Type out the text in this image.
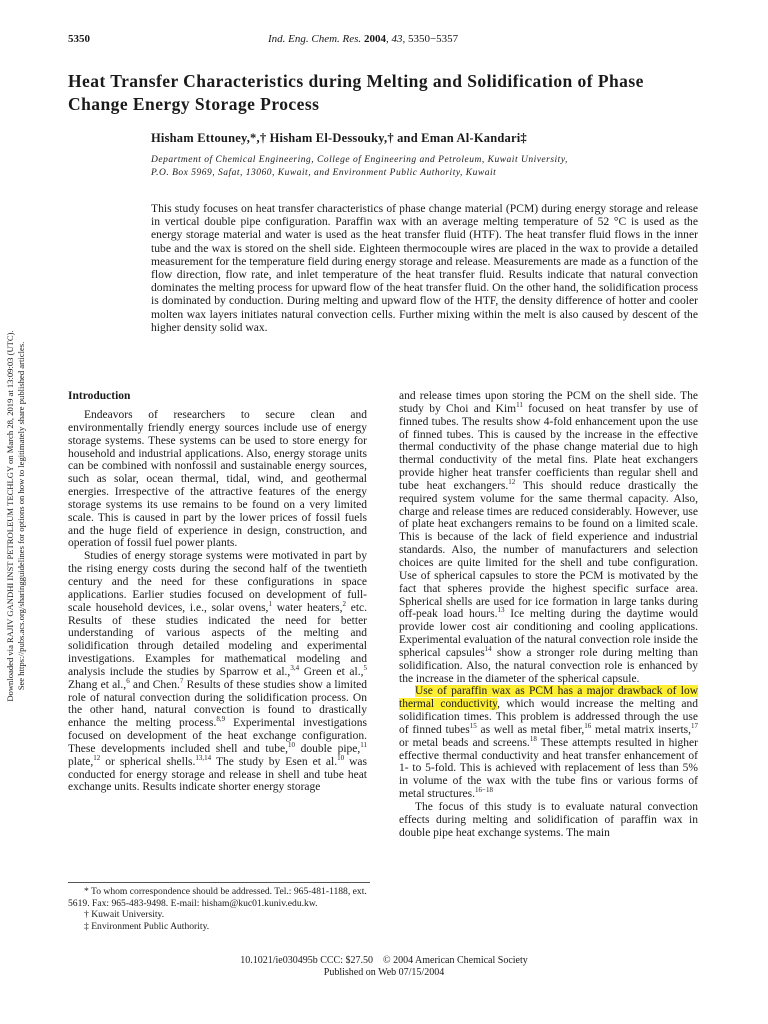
5350	Ind. Eng. Chem. Res. 2004, 43, 5350−5357
Heat Transfer Characteristics during Melting and Solidification of Phase Change Energy Storage Process
Hisham Ettouney,*,† Hisham El-Dessouky,† and Eman Al-Kandari‡
Department of Chemical Engineering, College of Engineering and Petroleum, Kuwait University,
P.O. Box 5969, Safat, 13060, Kuwait, and Environment Public Authority, Kuwait

This study focuses on heat transfer characteristics of phase change material (PCM) during energy storage and release in vertical double pipe configuration. Paraffin wax with an average melting temperature of 52 °C is used as the energy storage material and water is used as the heat transfer fluid (HTF). The heat transfer fluid flows in the inner tube and the wax is stored on the shell side. Eighteen thermocouple wires are placed in the wax to provide a detailed measurement for the temperature field during energy storage and release. Measurements are made as a function of the flow direction, flow rate, and inlet temperature of the heat transfer fluid. Results indicate that natural convection dominates the melting process for upward flow of the heat transfer fluid. On the other hand, the solidification process is dominated by conduction. During melting and upward flow of the HTF, the density difference of hotter and cooler molten wax layers initiates natural convection cells. Further mixing within the melt is also caused by descent of the higher density solid wax.

Downloaded via RAJIV GANDHI INST PETROLEUM TECHLGY on March 28, 2019 at 13:09:03 (UTC). See https://pubs.acs.org/sharingguidelines for options on how to legitimately share published articles.	Introduction

Endeavors of researchers to secure clean and environmentally friendly energy sources include use of energy storage systems. These systems can be used to store energy for household and industrial applications. Also, energy storage units can be combined with nonfossil and sustainable energy sources, such as solar, ocean thermal, tidal, wind, and geothermal energies. Irrespective of the attractive features of the energy storage systems its use remains to be found on a very limited scale. This is caused in part by the lower prices of fossil fuels and the huge field of experience in design, construction, and operation of fossil fuel power plants.

Studies of energy storage systems were motivated in part by the rising energy costs during the second half of the twentieth century and the need for these configurations in space applications. Earlier studies focused on development of full-scale household devices, i.e., solar ovens,$^1$ water heaters,$^2$ etc. Results of these studies indicated the need for better understanding of various aspects of the melting and solidification through detailed modeling and experimental investigations. Examples for mathematical modeling and analysis include the studies by Sparrow et al.,$^{3,4}$ Green et al.,$^5$ Zhang et al.,$^6$ and Chen.$^7$ Results of these studies show a limited role of natural convection during the solidification process. On the other hand, natural convection is found to drastically enhance the melting process.$^{8,9}$ Experimental investigations focused on development of the heat exchange configuration. These developments included shell and tube,$^{10}$ double pipe,$^{11}$ plate,$^{12}$ or spherical shells.$^{13,14}$ The study by Esen et al.$^{10}$ was conducted for energy storage and release in shell and tube heat exchange units. Results indicate shorter energy storage

and release times upon storing the PCM on the shell side. The study by Choi and Kim$^{11}$ focused on heat transfer by use of finned tubes. The results show 4-fold enhancement upon the use of finned tubes. This is caused by the increase in the effective thermal conductivity of the phase change material due to high thermal conductivity of the metal fins. Plate heat exchangers provide higher heat transfer coefficients than regular shell and tube heat exchangers.$^{12}$ This should reduce drastically the required system volume for the same thermal capacity. Also, charge and release times are reduced considerably. However, use of plate heat exchangers remains to be found on a limited scale. This is because of the lack of field experience and industrial standards. Also, the number of manufacturers and selection choices are quite limited for the shell and tube configuration. Use of spherical capsules to store the PCM is motivated by the fact that spheres provide the highest specific surface area. Spherical shells are used for ice formation in large tanks during off-peak load hours.$^{13}$ Ice melting during the daytime would provide lower cost air conditioning and cooling applications. Experimental evaluation of the natural convection role inside the spherical capsules$^{14}$ show a stronger role during melting than solidification. Also, the natural convection role is enhanced by the increase in the diameter of the spherical capsule.

Use of paraffin wax as PCM has a major drawback of low thermal conductivity, which would increase the melting and solidification times. This problem is addressed through the use of finned tubes$^{15}$ as well as metal fiber,$^{16}$ metal matrix inserts,$^{17}$ or metal beads and screens.$^{18}$ These attempts resulted in higher effective thermal conductivity and heat transfer enhancement of 1- to 5-fold. This is achieved with replacement of less than 5% in volume of the wax with the tube fins or various forms of metal structures.$^{16-18}$

The focus of this study is to evaluate natural convection effects during melting and solidification of paraffin wax in double pipe heat exchange systems. The main

* To whom correspondence should be addressed. Tel.: 965-481-1188, ext. 5619. Fax: 965-483-9498. E-mail: hisham@kuc01.kuniv.edu.kw.

† Kuwait University.

‡ Environment Public Authority.

10.1021/ie030495b CCC: $27.50    © 2004 American Chemical Society
Published on Web 07/15/2004
